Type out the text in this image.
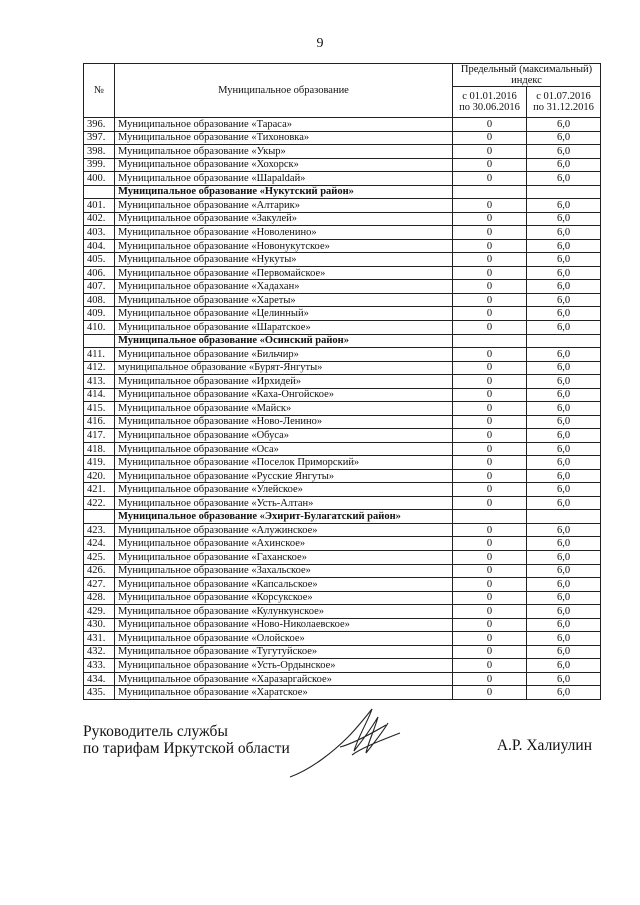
9
№	Муниципальное образование	Предельный (максимальный) индекс	
		с 01.01.2016 по 30.06.2016	с 01.07.2016 по 31.12.2016
396.	Муниципальное образование «Тараса»	0	6,0
397.	Муниципальное образование «Тихоновка»	0	6,0
398.	Муниципальное образование «Укыр»	0	6,0
399.	Муниципальное образование «Хохорск»	0	6,0
400.	Муниципальное образование «Шараldай»	0	6,0
	Муниципальное образование «Нукутский район»		
401.	Муниципальное образование «Алтарик»	0	6,0
402.	Муниципальное образование «Закулей»	0	6,0
403.	Муниципальное образование «Новоленино»	0	6,0
404.	Муниципальное образование «Новонукутское»	0	6,0
405.	Муниципальное образование «Нукуты»	0	6,0
406.	Муниципальное образование «Первомайское»	0	6,0
407.	Муниципальное образование «Хадахан»	0	6,0
408.	Муниципальное образование «Хареты»	0	6,0
409.	Муниципальное образование «Целинный»	0	6,0
410.	Муниципальное образование «Шаратское»	0	6,0
	Муниципальное образование «Осинский район»		
411.	Муниципальное образование «Бильчир»	0	6,0
412.	муниципальное образование «Бурят-Янгуты»	0	6,0
413.	Муниципальное образование «Ирхидей»	0	6,0
414.	Муниципальное образование «Каха-Онгойское»	0	6,0
415.	Муниципальное образование «Майск»	0	6,0
416.	Муниципальное образование «Ново-Ленино»	0	6,0
417.	Муниципальное образование «Обуса»	0	6,0
418.	Муниципальное образование «Оса»	0	6,0
419.	Муниципальное образование «Поселок Приморский»	0	6,0
420.	Муниципальное образование «Русские Янгуты»	0	6,0
421.	Муниципальное образование «Улейское»	0	6,0
422.	Муниципальное образование «Усть-Алтан»	0	6,0
	Муниципальное образование «Эхирит-Булагатский район»		
423.	Муниципальное образование «Алужинское»	0	6,0
424.	Муниципальное образование «Ахинское»	0	6,0
425.	Муниципальное образование «Гаханское»	0	6,0
426.	Муниципальное образование «Захальское»	0	6,0
427.	Муниципальное образование «Капсальское»	0	6,0
428.	Муниципальное образование «Корсукское»	0	6,0
429.	Муниципальное образование «Кулункунское»	0	6,0
430.	Муниципальное образование «Ново-Николаевское»	0	6,0
431.	Муниципальное образование «Олойское»	0	6,0
432.	Муниципальное образование «Тугутуйское»	0	6,0
433.	Муниципальное образование «Усть-Ордынское»	0	6,0
434.	Муниципальное образование «Харазаргайское»	0	6,0
435.	Муниципальное образование «Харатское»	0	6,0
Руководитель службы
по тарифам Иркутской области	А.Р. Халиулин
